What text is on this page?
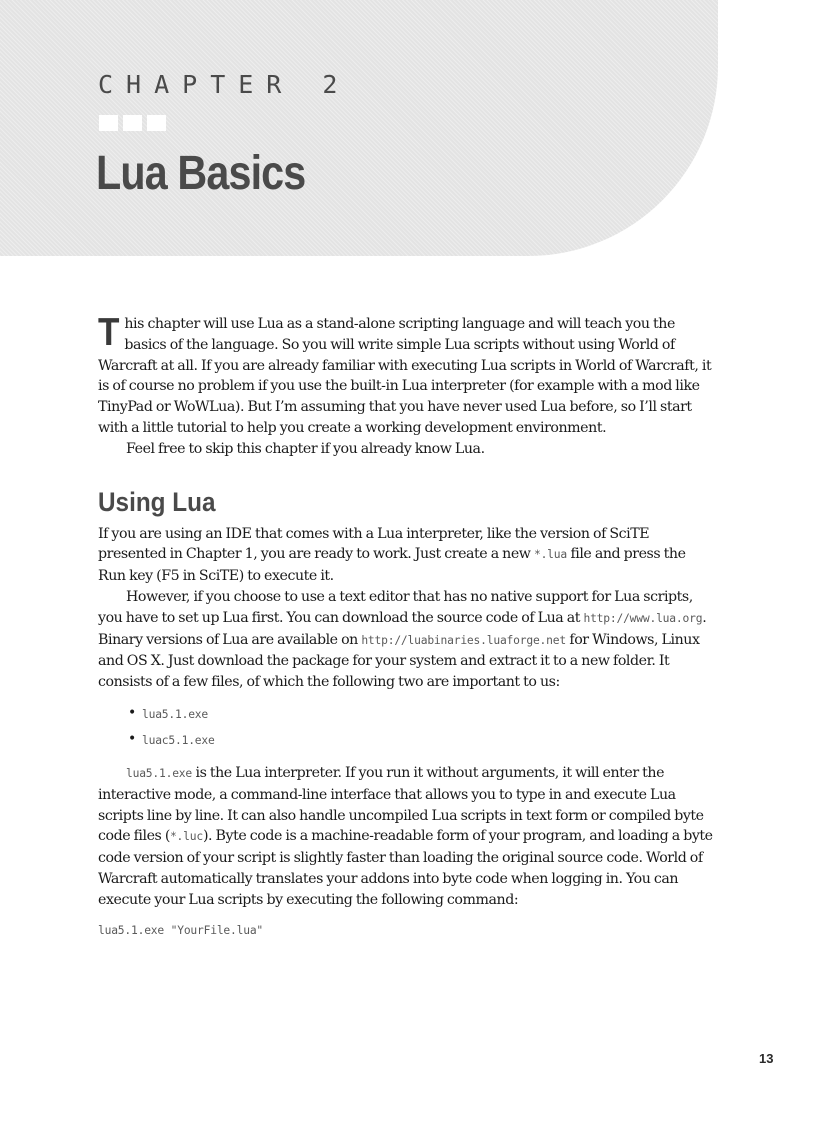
CHAPTER 2
Lua Basics

This chapter will use Lua as a stand-alone scripting language and will teach you the basics of the language. So you will write simple Lua scripts without using World of Warcraft at all. If you are already familiar with executing Lua scripts in World of Warcraft, it is of course no problem if you use the built-in Lua interpreter (for example with a mod like TinyPad or WoWLua). But I’m assuming that you have never used Lua before, so I’ll start with a little tutorial to help you create a working development environment.

Feel free to skip this chapter if you already know Lua.

Using Lua

If you are using an IDE that comes with a Lua interpreter, like the version of SciTE presented in Chapter 1, you are ready to work. Just create a new *.lua file and press the Run key (F5 in SciTE) to execute it.

However, if you choose to use a text editor that has no native support for Lua scripts, you have to set up Lua first. You can download the source code of Lua at http://www.lua.org. Binary versions of Lua are available on http://luabinaries.luaforge.net for Windows, Linux and OS X. Just download the package for your system and extract it to a new folder. It consists of a few files, of which the following two are important to us:

• lua5.1.exe
• luac5.1.exe

lua5.1.exe is the Lua interpreter. If you run it without arguments, it will enter the interactive mode, a command-line interface that allows you to type in and execute Lua scripts line by line. It can also handle uncompiled Lua scripts in text form or compiled byte code files (*.luc). Byte code is a machine-readable form of your program, and loading a byte code version of your script is slightly faster than loading the original source code. World of Warcraft automatically translates your addons into byte code when logging in. You can execute your Lua scripts by executing the following command:

lua5.1.exe "YourFile.lua"
13
